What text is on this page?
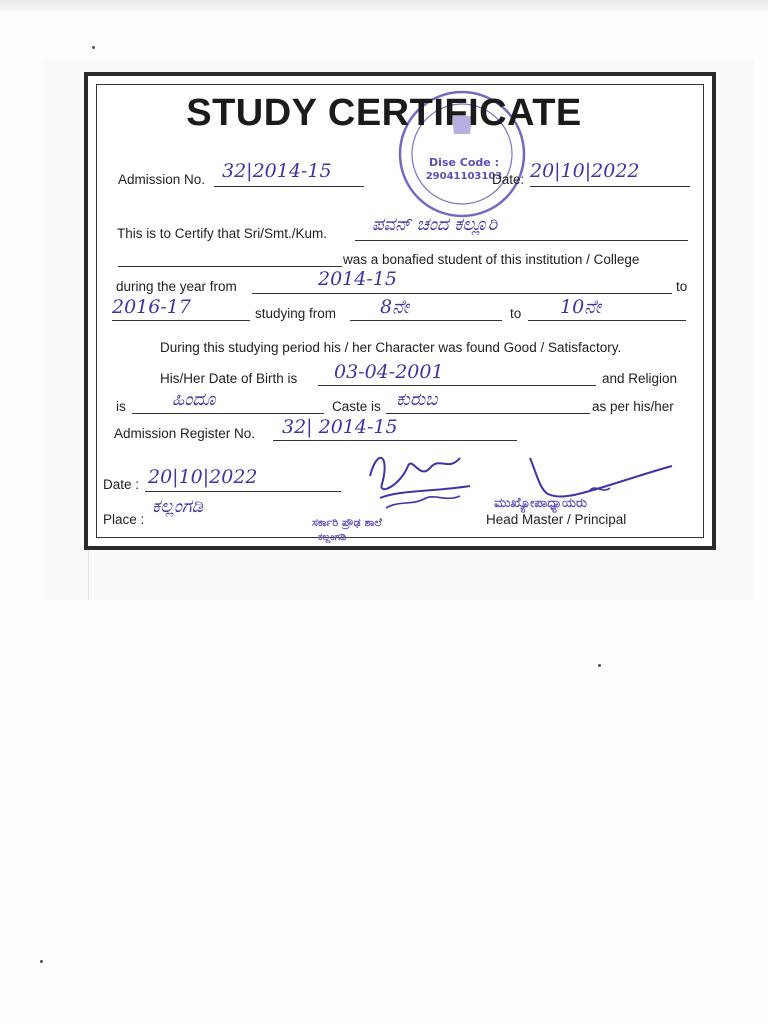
Dise Code :
29041103103
STUDY CERTIFICATE
Admission No. 32|2014-15	Date: 20|10|2022
This is to Certify that Sri/Smt./Kum. ಪವನ್ ಚಂದ ಕಲ್ಲೂರಿ
was a bonafied student of this institution / College
during the year from	2014-15	to
2016-17	studying from 8ನೇ	to 10ನೇ
During this studying period his / her Character was found Good / Satisfactory.
His/Her Date of Birth is 03-04-2001	and Religion
is	ಹಿಂದೂ	Caste is ಕುರುಬ	as per his/her
Admission Register No. 32| 2014-15
Date : 20|10|2022
Place :
ಕಲ್ಲಂಗಡಿ	ಮುಖ್ಯೋಪಾಧ್ಯಾಯರು
Head Master / Principal
ಸರ್ಕಾರಿ ಪ್ರೌಢ ಶಾಲೆ
ಕಲ್ಲಂಗಡಿ
